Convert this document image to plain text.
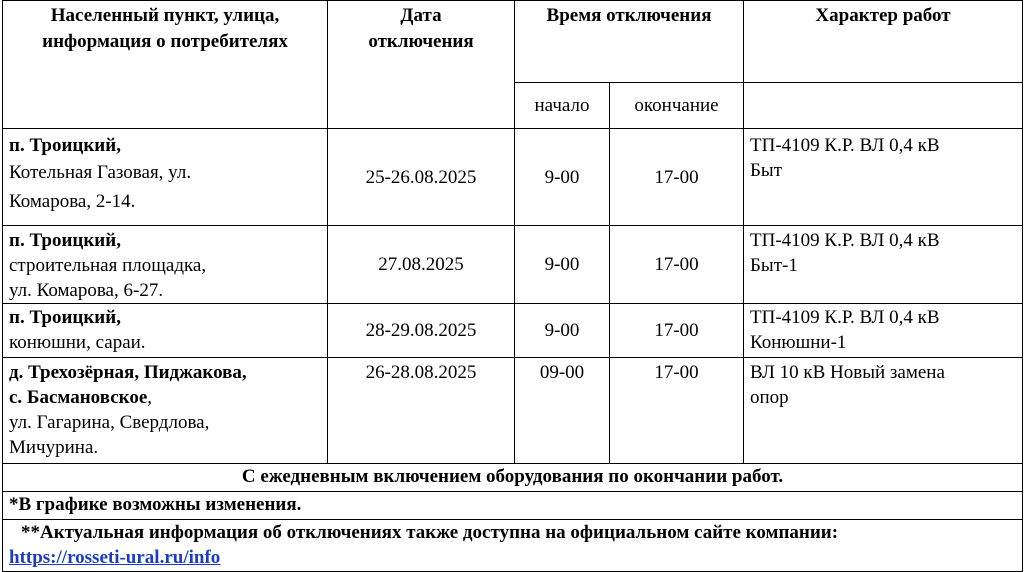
Населенный пункт, улица,
информация о потребителях	Дата
отключения	Время отключения		Характер работ
		начало	окончание	

п. Троицкий,
Котельная Газовая, ул.
Комарова, 2-14.	25-26.08.2025	9-00	17-00	ТП-4109 К.Р. ВЛ 0,4 кВ
Быт

п. Троицкий,
строительная площадка,
ул. Комарова, 6-27.	27.08.2025	9-00	17-00	ТП-4109 К.Р. ВЛ 0,4 кВ
Быт-1

п. Троицкий,
конюшни, сараи.	28-29.08.2025	9-00	17-00	ТП-4109 К.Р. ВЛ 0,4 кВ
Конюшни-1

д. Трехозёрная, Пиджакова,
с. Басмановское,
ул. Гагарина, Свердлова,
Мичурина.	26-28.08.2025	09-00	17-00	ВЛ 10 кВ Новый замена
опор

С ежедневным включением оборудования по окончании работ.				
*В графике возможны изменения.				

**Актуальная информация об отключениях также доступна на официальном сайте компании:
https://rosseti-ural.ru/info				
